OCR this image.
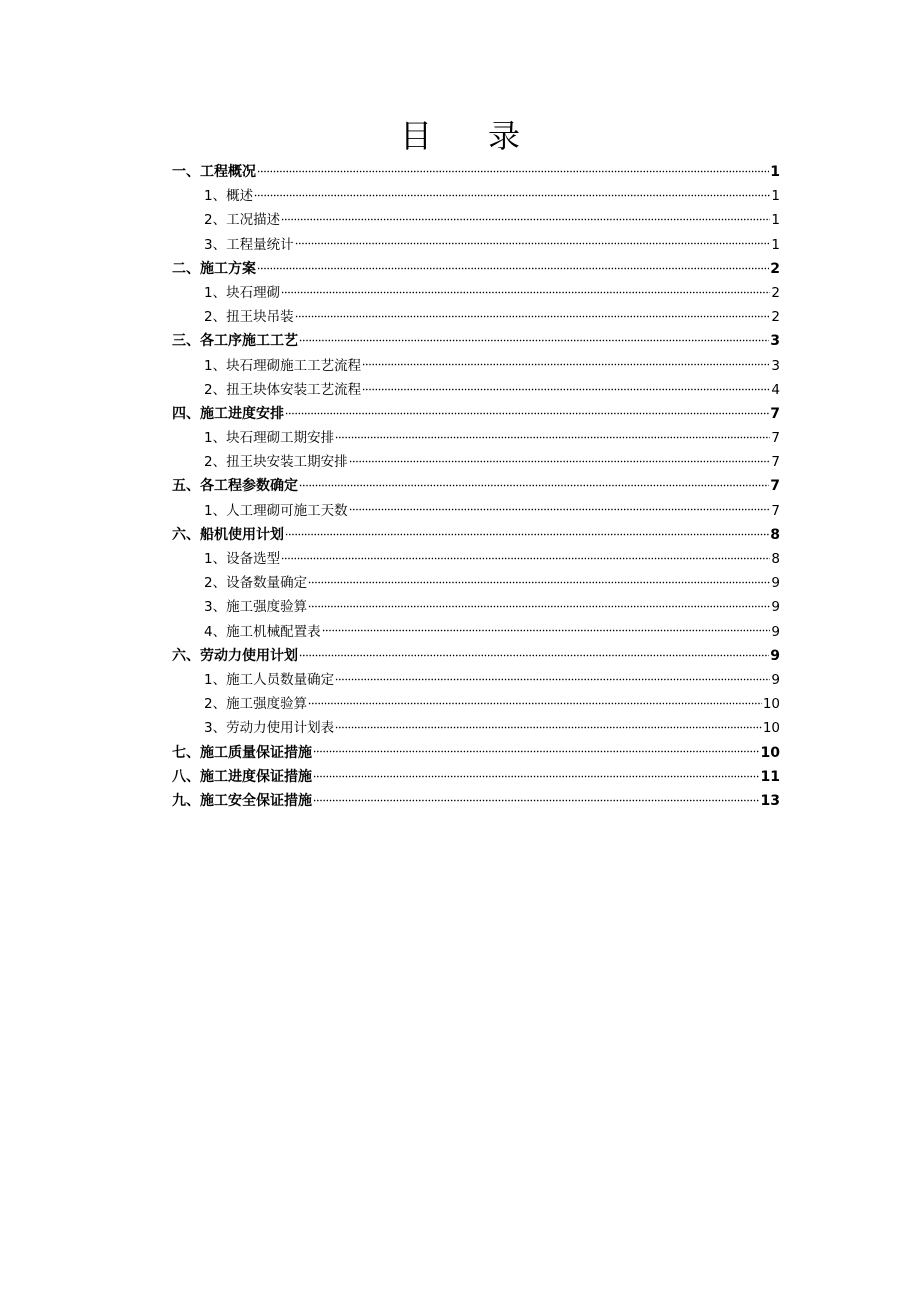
目 录
一、工程概况	1
1、概述	1
2、工况描述	1
3、工程量统计	1
二、施工方案	2
1、块石理砌	2
2、扭王块吊装	2
三、各工序施工工艺	3
1、块石理砌施工工艺流程	3
2、扭王块体安装工艺流程	4
四、施工进度安排	7
1、块石理砌工期安排	7
2、扭王块安装工期安排	7
五、各工程参数确定	7
1、人工理砌可施工天数	7
六、船机使用计划	8
1、设备选型	8
2、设备数量确定	9
3、施工强度验算	9
4、施工机械配置表	9
六、劳动力使用计划	9
1、施工人员数量确定	9
2、施工强度验算	10
3、劳动力使用计划表	10
七、施工质量保证措施	10
八、施工进度保证措施	11
九、施工安全保证措施	13
